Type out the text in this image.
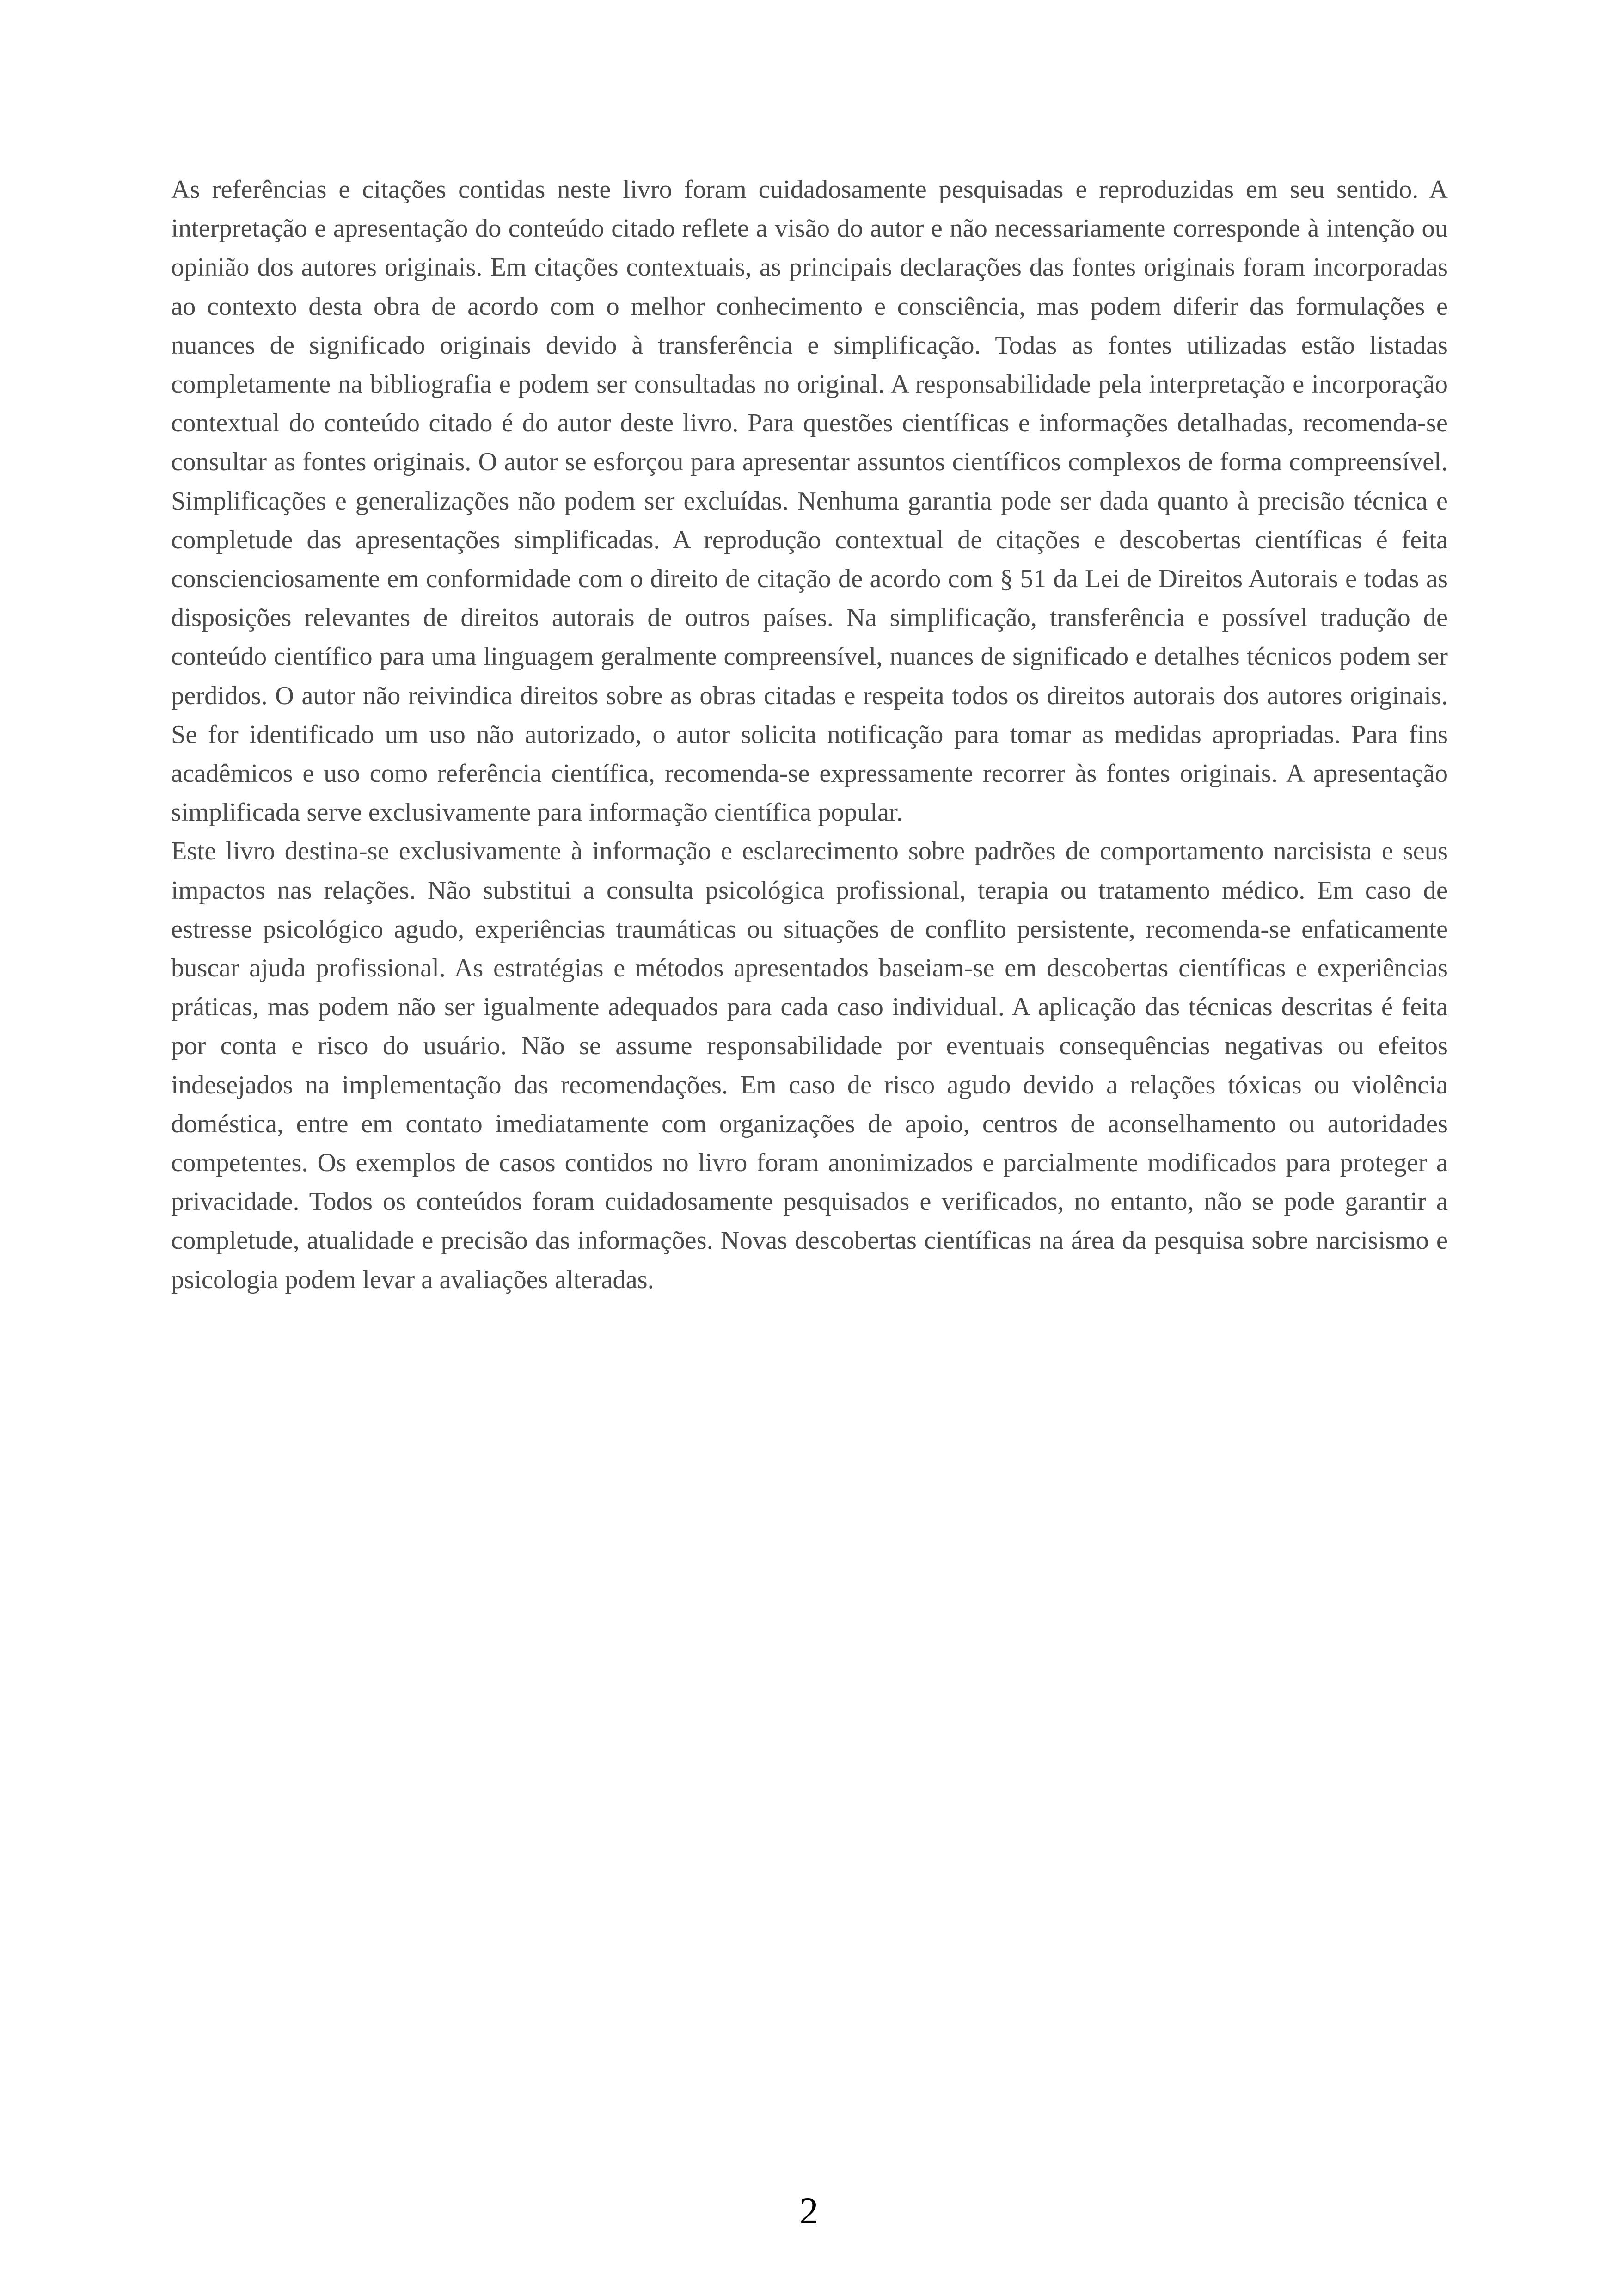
As referências e citações contidas neste livro foram cuidadosamente pesquisadas e reproduzidas em seu sentido. A interpretação e apresentação do conteúdo citado reflete a visão do autor e não necessariamente corresponde à intenção ou opinião dos autores originais. Em citações contextuais, as principais declarações das fontes originais foram incorporadas ao contexto desta obra de acordo com o melhor conhecimento e consciência, mas podem diferir das formulações e nuances de significado originais devido à transferência e simplificação. Todas as fontes utilizadas estão listadas completamente na bibliografia e podem ser consultadas no original. A responsabilidade pela interpretação e incorporação contextual do conteúdo citado é do autor deste livro. Para questões científicas e informações detalhadas, recomenda-se consultar as fontes originais. O autor se esforçou para apresentar assuntos científicos complexos de forma compreensível. Simplificações e generalizações não podem ser excluídas. Nenhuma garantia pode ser dada quanto à precisão técnica e completude das apresentações simplificadas. A reprodução contextual de citações e descobertas científicas é feita conscienciosamente em conformidade com o direito de citação de acordo com § 51 da Lei de Direitos Autorais e todas as disposições relevantes de direitos autorais de outros países. Na simplificação, transferência e possível tradução de conteúdo científico para uma linguagem geralmente compreensível, nuances de significado e detalhes técnicos podem ser perdidos. O autor não reivindica direitos sobre as obras citadas e respeita todos os direitos autorais dos autores originais. Se for identificado um uso não autorizado, o autor solicita notificação para tomar as medidas apropriadas. Para fins acadêmicos e uso como referência científica, recomenda-se expressamente recorrer às fontes originais. A apresentação simplificada serve exclusivamente para informação científica popular.

Este livro destina-se exclusivamente à informação e esclarecimento sobre padrões de comportamento narcisista e seus impactos nas relações. Não substitui a consulta psicológica profissional, terapia ou tratamento médico. Em caso de estresse psicológico agudo, experiências traumáticas ou situações de conflito persistente, recomenda-se enfaticamente buscar ajuda profissional. As estratégias e métodos apresentados baseiam-se em descobertas científicas e experiências práticas, mas podem não ser igualmente adequados para cada caso individual. A aplicação das técnicas descritas é feita por conta e risco do usuário. Não se assume responsabilidade por eventuais consequências negativas ou efeitos indesejados na implementação das recomendações. Em caso de risco agudo devido a relações tóxicas ou violência doméstica, entre em contato imediatamente com organizações de apoio, centros de aconselhamento ou autoridades competentes. Os exemplos de casos contidos no livro foram anonimizados e parcialmente modificados para proteger a privacidade. Todos os conteúdos foram cuidadosamente pesquisados e verificados, no entanto, não se pode garantir a completude, atualidade e precisão das informações. Novas descobertas científicas na área da pesquisa sobre narcisismo e psicologia podem levar a avaliações alteradas.

2
